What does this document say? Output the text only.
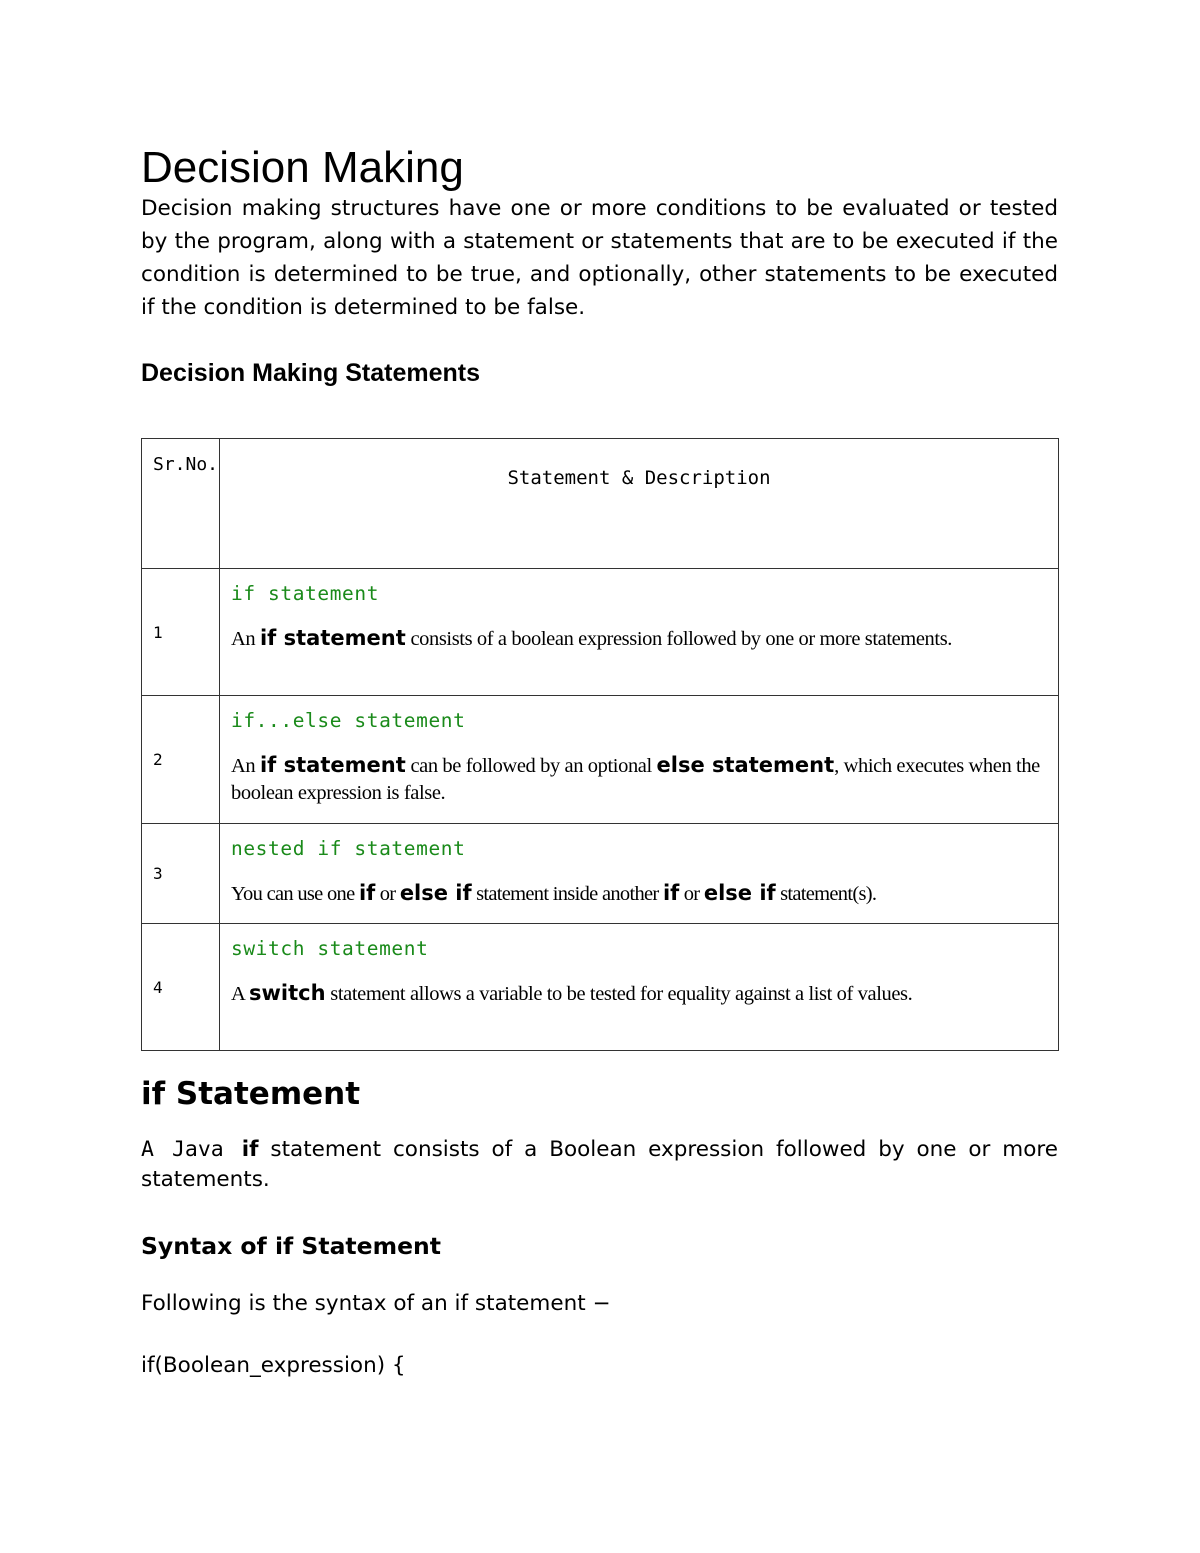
Decision Making

Decision making structures have one or more conditions to be evaluated or tested by the program, along with a statement or statements that are to be executed if the condition is determined to be true, and optionally, other statements to be executed if the condition is determined to be false.

Decision Making Statements
Sr.No.	Statement & Description
1	if statement
An if statement consists of a boolean expression followed by one or more statements.

2	if...else statement
An if statement can be followed by an optional else statement, which executes when the boolean expression is false.

3	nested if statement
You can use one if or else if statement inside another if or else if statement(s).

4	switch statement
A switch statement allows a variable to be tested for equality against a list of values.
if Statement

A Java if statement consists of a Boolean expression followed by one or more statements.

Syntax of if Statement

Following is the syntax of an if statement −

if(Boolean_expression) {
